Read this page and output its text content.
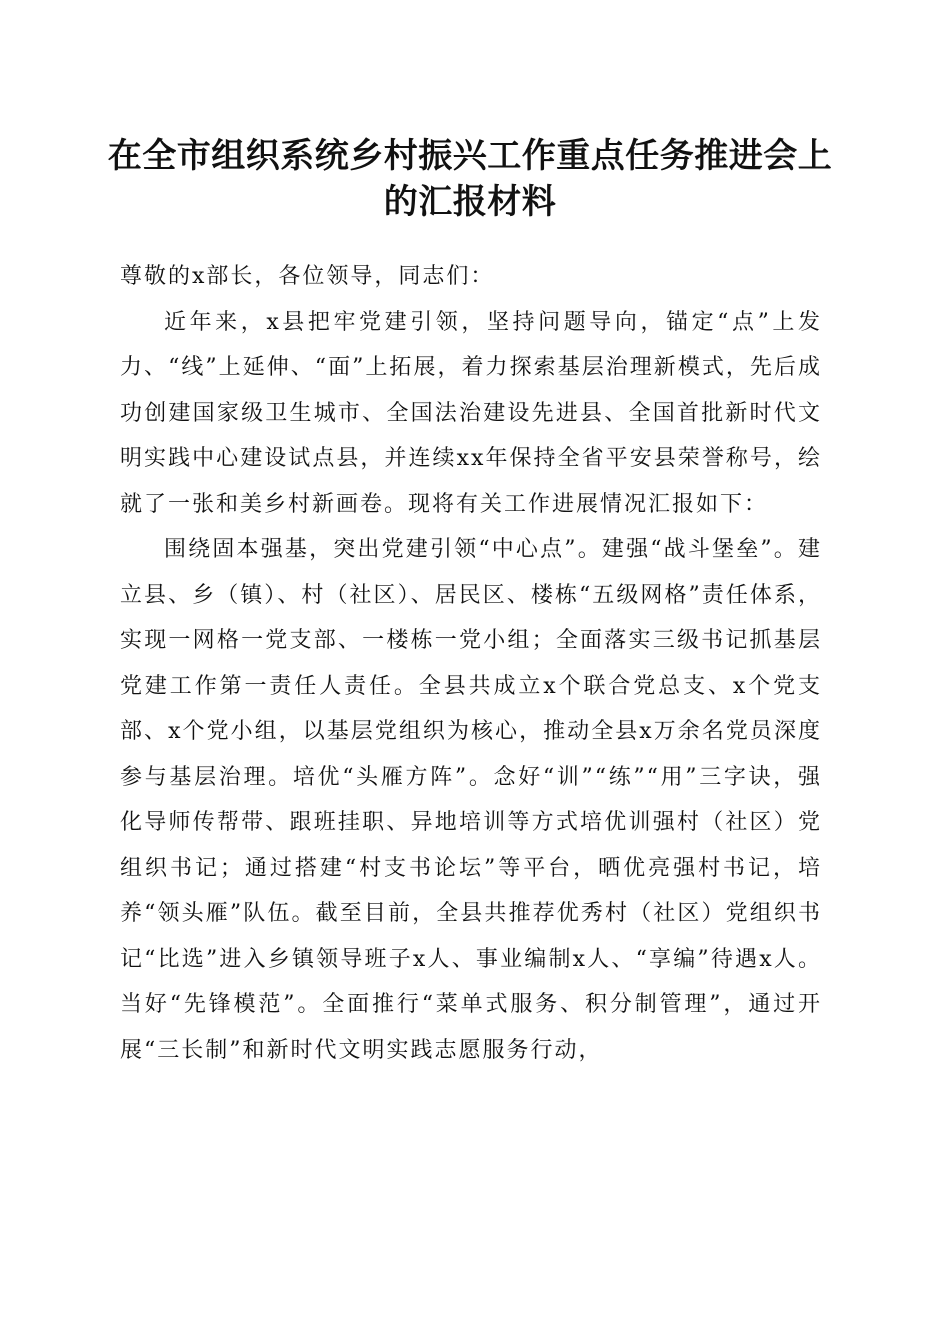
在全市组织系统乡村振兴工作重点任务推进会上的汇报材料

尊敬的x部长，各位领导，同志们：

近年来，x县把牢党建引领，坚持问题导向，锚定“点”上发力、“线”上延伸、“面”上拓展，着力探索基层治理新模式，先后成功创建国家级卫生城市、全国法治建设先进县、全国首批新时代文明实践中心建设试点县，并连续xx年保持全省平安县荣誉称号，绘就了一张和美乡村新画卷。现将有关工作进展情况汇报如下：

围绕固本强基，突出党建引领“中心点”。建强“战斗堡垒”。建立县、乡（镇）、村（社区）、居民区、楼栋“五级网格”责任体系，实现一网格一党支部、一楼栋一党小组；全面落实三级书记抓基层党建工作第一责任人责任。全县共成立x个联合党总支、x个党支部、x个党小组，以基层党组织为核心，推动全县x万余名党员深度参与基层治理。培优“头雁方阵”。念好“训”“练”“用”三字诀，强化导师传帮带、跟班挂职、异地培训等方式培优训强村（社区）党组织书记；通过搭建“村支书论坛”等平台，晒优亮强村书记，培养“领头雁”队伍。截至目前，全县共推荐优秀村（社区）党组织书记“比选”进入乡镇领导班子x人、事业编制x人、“享编”待遇x人。当好“先锋模范”。全面推行“菜单式服务、积分制管理”，通过开展“三长制”和新时代文明实践志愿服务行动，
